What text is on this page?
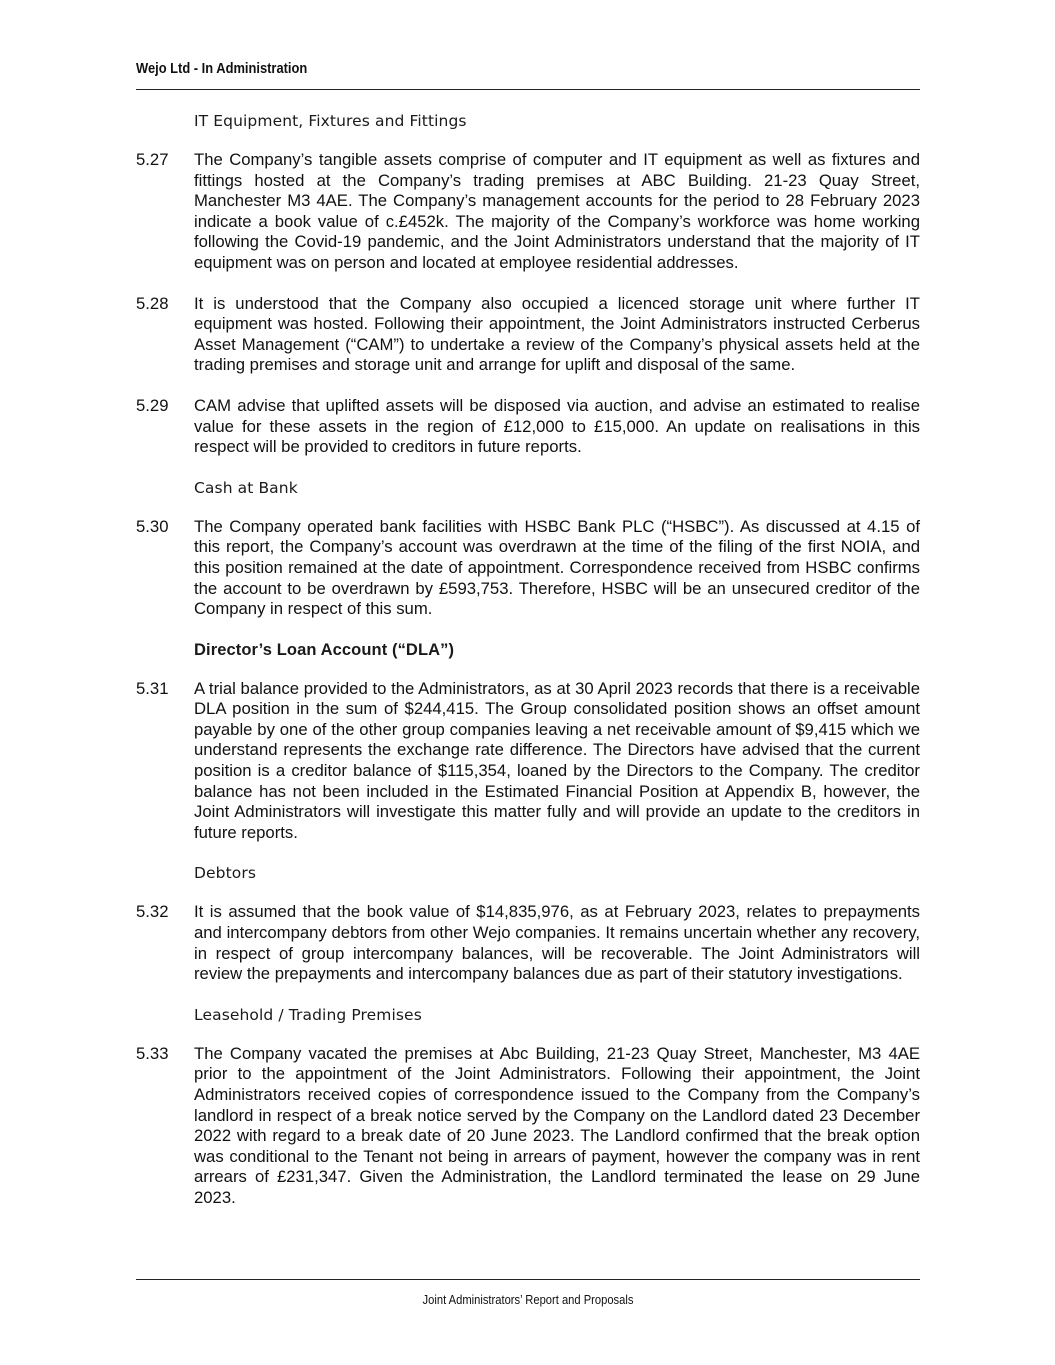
Wejo Ltd - In Administration
IT Equipment, Fixtures and Fittings
5.27	The Company’s tangible assets comprise of computer and IT equipment as well as fixtures and fittings hosted at the Company’s trading premises at ABC Building. 21-23 Quay Street, Manchester M3 4AE. The Company’s management accounts for the period to 28 February 2023 indicate a book value of c.£452k. The majority of the Company’s workforce was home working following the Covid-19 pandemic, and the Joint Administrators understand that the majority of IT equipment was on person and located at employee residential addresses.
5.28	It is understood that the Company also occupied a licenced storage unit where further IT equipment was hosted. Following their appointment, the Joint Administrators instructed Cerberus Asset Management (“CAM”) to undertake a review of the Company’s physical assets held at the trading premises and storage unit and arrange for uplift and disposal of the same.
5.29	CAM advise that uplifted assets will be disposed via auction, and advise an estimated to realise value for these assets in the region of £12,000 to £15,000. An update on realisations in this respect will be provided to creditors in future reports.
Cash at Bank
5.30	The Company operated bank facilities with HSBC Bank PLC (“HSBC”). As discussed at 4.15 of this report, the Company’s account was overdrawn at the time of the filing of the first NOIA, and this position remained at the date of appointment. Correspondence received from HSBC confirms the account to be overdrawn by £593,753. Therefore, HSBC will be an unsecured creditor of the Company in respect of this sum.
Director’s Loan Account (“DLA”)
5.31	A trial balance provided to the Administrators, as at 30 April 2023 records that there is a receivable DLA position in the sum of $244,415. The Group consolidated position shows an offset amount payable by one of the other group companies leaving a net receivable amount of $9,415 which we understand represents the exchange rate difference. The Directors have advised that the current position is a creditor balance of $115,354, loaned by the Directors to the Company. The creditor balance has not been included in the Estimated Financial Position at Appendix B, however, the Joint Administrators will investigate this matter fully and will provide an update to the creditors in future reports.
Debtors
5.32	It is assumed that the book value of $14,835,976, as at February 2023, relates to prepayments and intercompany debtors from other Wejo companies. It remains uncertain whether any recovery, in respect of group intercompany balances, will be recoverable. The Joint Administrators will review the prepayments and intercompany balances due as part of their statutory investigations.
Leasehold / Trading Premises
5.33	The Company vacated the premises at Abc Building, 21-23 Quay Street, Manchester, M3 4AE prior to the appointment of the Joint Administrators. Following their appointment, the Joint Administrators received copies of correspondence issued to the Company from the Company’s landlord in respect of a break notice served by the Company on the Landlord dated 23 December 2022 with regard to a break date of 20 June 2023. The Landlord confirmed that the break option was conditional to the Tenant not being in arrears of payment, however the company was in rent arrears of £231,347. Given the Administration, the Landlord terminated the lease on 29 June 2023.
Joint Administrators’ Report and Proposals
